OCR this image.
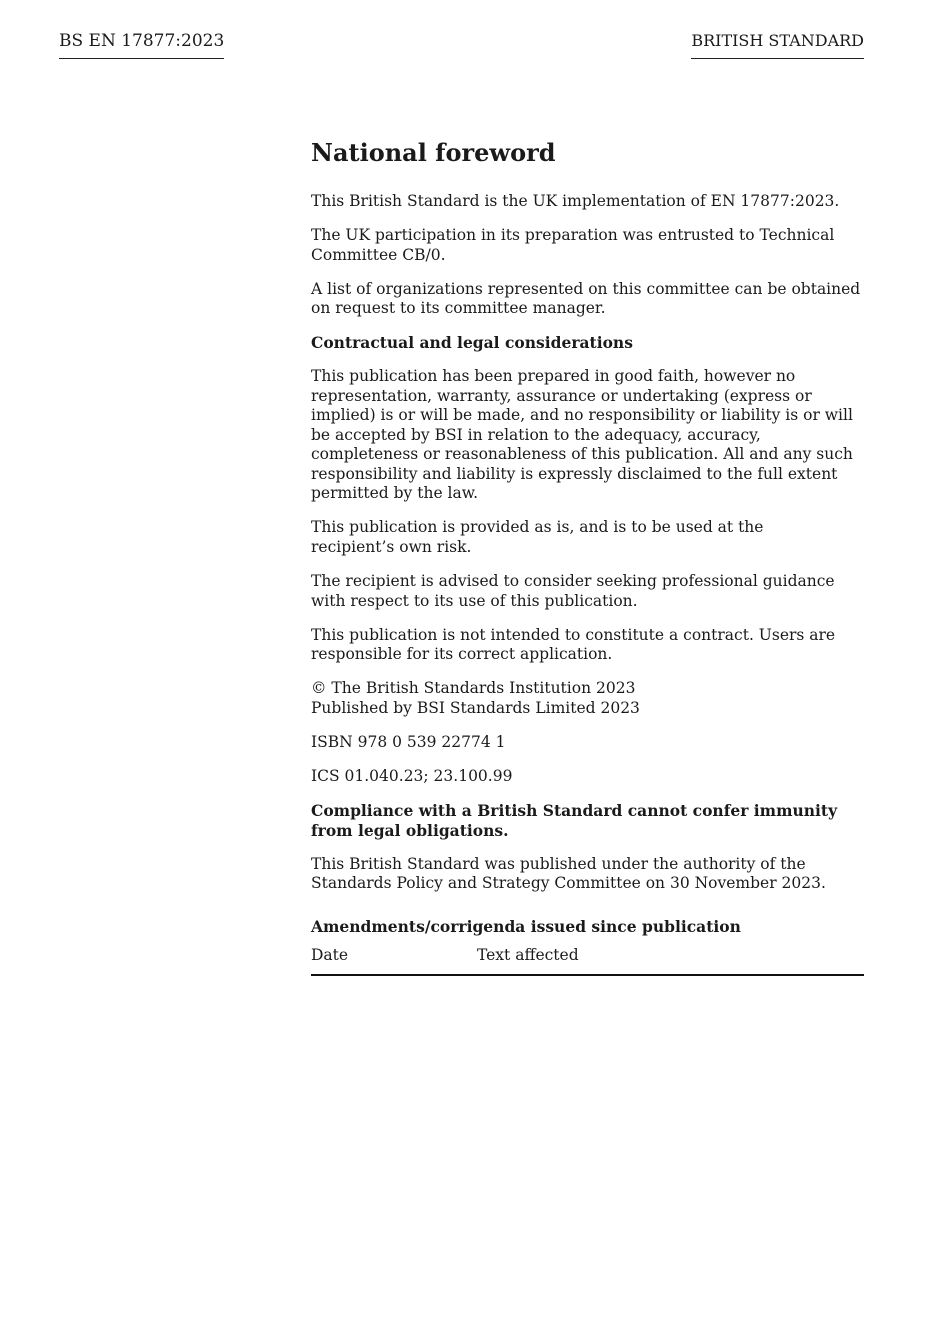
BS EN 17877:2023	BRITISH STANDARD
National foreword

This British Standard is the UK implementation of EN 17877:2023.

The UK participation in its preparation was entrusted to Technical Committee CB/0.

A list of organizations represented on this committee can be obtained on request to its committee manager.

Contractual and legal considerations

This publication has been prepared in good faith, however no representation, warranty, assurance or undertaking (express or implied) is or will be made, and no responsibility or liability is or will be accepted by BSI in relation to the adequacy, accuracy, completeness or reasonableness of this publication. All and any such responsibility and liability is expressly disclaimed to the full extent permitted by the law.

This publication is provided as is, and is to be used at the
recipient’s own risk.

The recipient is advised to consider seeking professional guidance with respect to its use of this publication.

This publication is not intended to constitute a contract. Users are responsible for its correct application.

© The British Standards Institution 2023
Published by BSI Standards Limited 2023

ISBN 978 0 539 22774 1

ICS 01.040.23; 23.100.99

Compliance with a British Standard cannot confer immunity from legal obligations.

This British Standard was published under the authority of the
Standards Policy and Strategy Committee on 30 November 2023.

Amendments/corrigenda issued since publication
Date	Text affected
